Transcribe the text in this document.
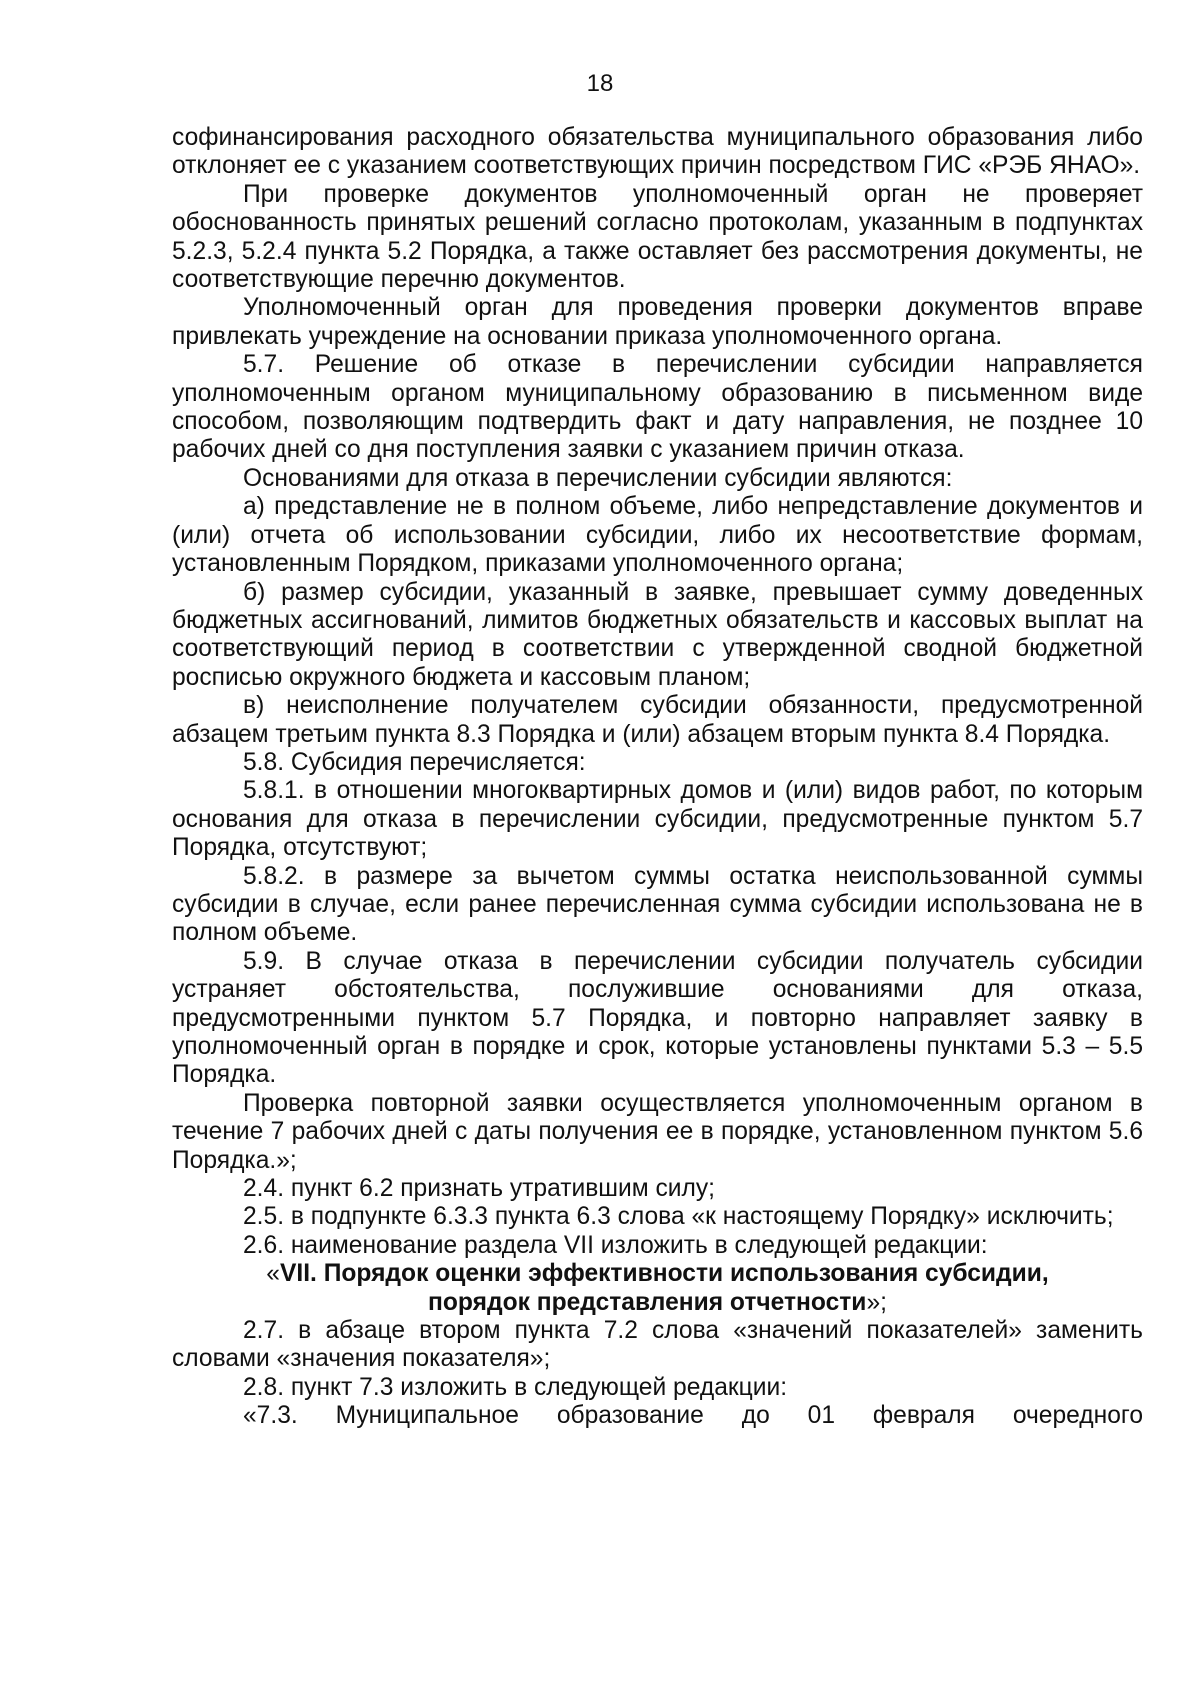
18

софинансирования расходного обязательства муниципального образования либо отклоняет ее с указанием соответствующих причин посредством ГИС «РЭБ ЯНАО».

При проверке документов уполномоченный орган не проверяет обоснованность принятых решений согласно протоколам, указанным в подпунктах 5.2.3, 5.2.4 пункта 5.2 Порядка, а также оставляет без рассмотрения документы, не соответствующие перечню документов.

Уполномоченный орган для проведения проверки документов вправе привлекать учреждение на основании приказа уполномоченного органа.

5.7. Решение об отказе в перечислении субсидии направляется уполномоченным органом муниципальному образованию в письменном виде способом, позволяющим подтвердить факт и дату направления, не позднее 10 рабочих дней со дня поступления заявки с указанием причин отказа.

Основаниями для отказа в перечислении субсидии являются:

а) представление не в полном объеме, либо непредставление документов и (или) отчета об использовании субсидии, либо их несоответствие формам, установленным Порядком, приказами уполномоченного органа;

б) размер субсидии, указанный в заявке, превышает сумму доведенных бюджетных ассигнований, лимитов бюджетных обязательств и кассовых выплат на соответствующий период в соответствии с утвержденной сводной бюджетной росписью окружного бюджета и кассовым планом;

в) неисполнение получателем субсидии обязанности, предусмотренной абзацем третьим пункта 8.3 Порядка и (или) абзацем вторым пункта 8.4 Порядка.

5.8. Субсидия перечисляется:

5.8.1. в отношении многоквартирных домов и (или) видов работ, по которым основания для отказа в перечислении субсидии, предусмотренные пунктом 5.7 Порядка, отсутствуют;

5.8.2. в размере за вычетом суммы остатка неиспользованной суммы субсидии в случае, если ранее перечисленная сумма субсидии использована не в полном объеме.

5.9. В случае отказа в перечислении субсидии получатель субсидии устраняет обстоятельства, послужившие основаниями для отказа, предусмотренными пунктом 5.7 Порядка, и повторно направляет заявку в уполномоченный орган в порядке и срок, которые установлены пунктами 5.3 – 5.5 Порядка.

Проверка повторной заявки осуществляется уполномоченным органом в течение 7 рабочих дней с даты получения ее в порядке, установленном пунктом 5.6 Порядка.»;

2.4. пункт 6.2 признать утратившим силу;

2.5. в подпункте 6.3.3 пункта 6.3 слова «к настоящему Порядку» исключить;

2.6. наименование раздела VII изложить в следующей редакции:

«VII. Порядок оценки эффективности использования субсидии,
порядок представления отчетности»;

2.7. в абзаце втором пункта 7.2 слова «значений показателей» заменить словами «значения показателя»;

2.8. пункт 7.3 изложить в следующей редакции:

«7.3. Муниципальное образование до 01 февраля очередного
